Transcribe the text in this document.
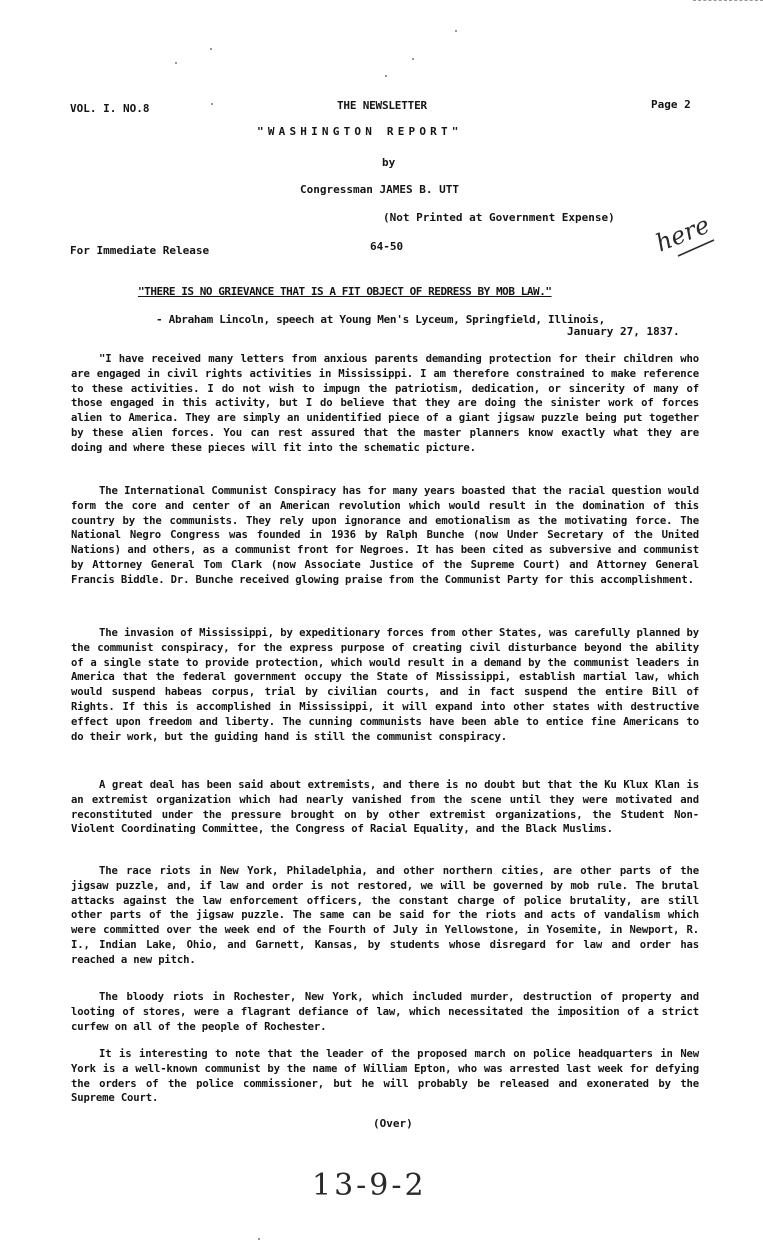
VOL. I. NO.8	THE NEWSLETTER	Page 2
"WASHINGTON REPORT"
by
Congressman JAMES B. UTT
(Not Printed at Government Expense)
For Immediate Release	64-50	here
"THERE IS NO GRIEVANCE THAT IS A FIT OBJECT OF REDRESS BY MOB LAW."
- Abraham Lincoln, speech at Young Men's Lyceum, Springfield, Illinois,
January 27, 1837.
"I have received many letters from anxious parents demanding protection for their children who are engaged in civil rights activities in Mississippi. I am therefore constrained to make reference to these activities. I do not wish to impugn the patriotism, dedication, or sincerity of many of those engaged in this activity, but I do believe that they are doing the sinister work of forces alien to America. They are simply an unidentified piece of a giant jigsaw puzzle being put together by these alien forces. You can rest assured that the master planners know exactly what they are doing and where these pieces will fit into the schematic picture.
The International Communist Conspiracy has for many years boasted that the racial question would form the core and center of an American revolution which would result in the domination of this country by the communists. They rely upon ignorance and emotionalism as the motivating force. The National Negro Congress was founded in 1936 by Ralph Bunche (now Under Secretary of the United Nations) and others, as a communist front for Negroes. It has been cited as subversive and communist by Attorney General Tom Clark (now Associate Justice of the Supreme Court) and Attorney General Francis Biddle. Dr. Bunche received glowing praise from the Communist Party for this accomplishment.
The invasion of Mississippi, by expeditionary forces from other States, was carefully planned by the communist conspiracy, for the express purpose of creating civil disturbance beyond the ability of a single state to provide protection, which would result in a demand by the communist leaders in America that the federal government occupy the State of Mississippi, establish martial law, which would suspend habeas corpus, trial by civilian courts, and in fact suspend the entire Bill of Rights. If this is accomplished in Mississippi, it will expand into other states with destructive effect upon freedom and liberty. The cunning communists have been able to entice fine Americans to do their work, but the guiding hand is still the communist conspiracy.
A great deal has been said about extremists, and there is no doubt but that the Ku Klux Klan is an extremist organization which had nearly vanished from the scene until they were motivated and reconstituted under the pressure brought on by other extremist organizations, the Student Non-Violent Coordinating Committee, the Congress of Racial Equality, and the Black Muslims.
The race riots in New York, Philadelphia, and other northern cities, are other parts of the jigsaw puzzle, and, if law and order is not restored, we will be governed by mob rule. The brutal attacks against the law enforcement officers, the constant charge of police brutality, are still other parts of the jigsaw puzzle. The same can be said for the riots and acts of vandalism which were committed over the week end of the Fourth of July in Yellowstone, in Yosemite, in Newport, R. I., Indian Lake, Ohio, and Garnett, Kansas, by students whose disregard for law and order has reached a new pitch.
The bloody riots in Rochester, New York, which included murder, destruction of property and looting of stores, were a flagrant defiance of law, which necessitated the imposition of a strict curfew on all of the people of Rochester.
It is interesting to note that the leader of the proposed march on police headquarters in New York is a well-known communist by the name of William Epton, who was arrested last week for defying the orders of the police commissioner, but he will probably be released and exonerated by the Supreme Court.
(Over)
13-9-2
